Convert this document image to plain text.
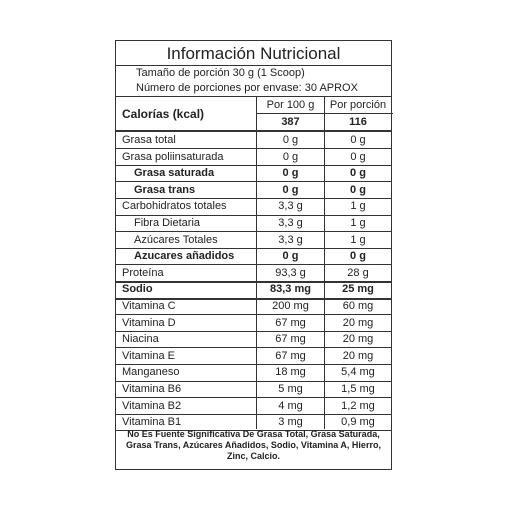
Información Nutricional
Tamaño de porción 30 g (1 Scoop)
Número de porciones por envase: 30 APROX
Calorías (kcal)
Por 100 g	Por porción
387	116
Grasa total	0 g	0 g
Grasa poliinsaturada	0 g	0 g
Grasa saturada	0 g	0 g
Grasa trans	0 g	0 g
Carbohidratos totales	3,3 g	1 g
Fibra Dietaria	3,3 g	1 g
Azúcares Totales	3,3 g	1 g
Azucares añadidos	0 g	0 g
Proteína	93,3 g	28 g
Sodio	83,3 mg	25 mg
Vitamina C	200 mg	60 mg
Vitamina D	67 mg	20 mg
Niacina	67 mg	20 mg
Vitamina E	67 mg	20 mg
Manganeso	18 mg	5,4 mg
Vitamina B6	5 mg	1,5 mg
Vitamina B2	4 mg	1,2 mg
Vitamina B1	3 mg	0,9 mg
No Es Fuente Significativa De Grasa Total, Grasa Saturada, Grasa Trans, Azúcares Añadidos, Sodio, Vitamina A, Hierro, Zinc, Calcio.
